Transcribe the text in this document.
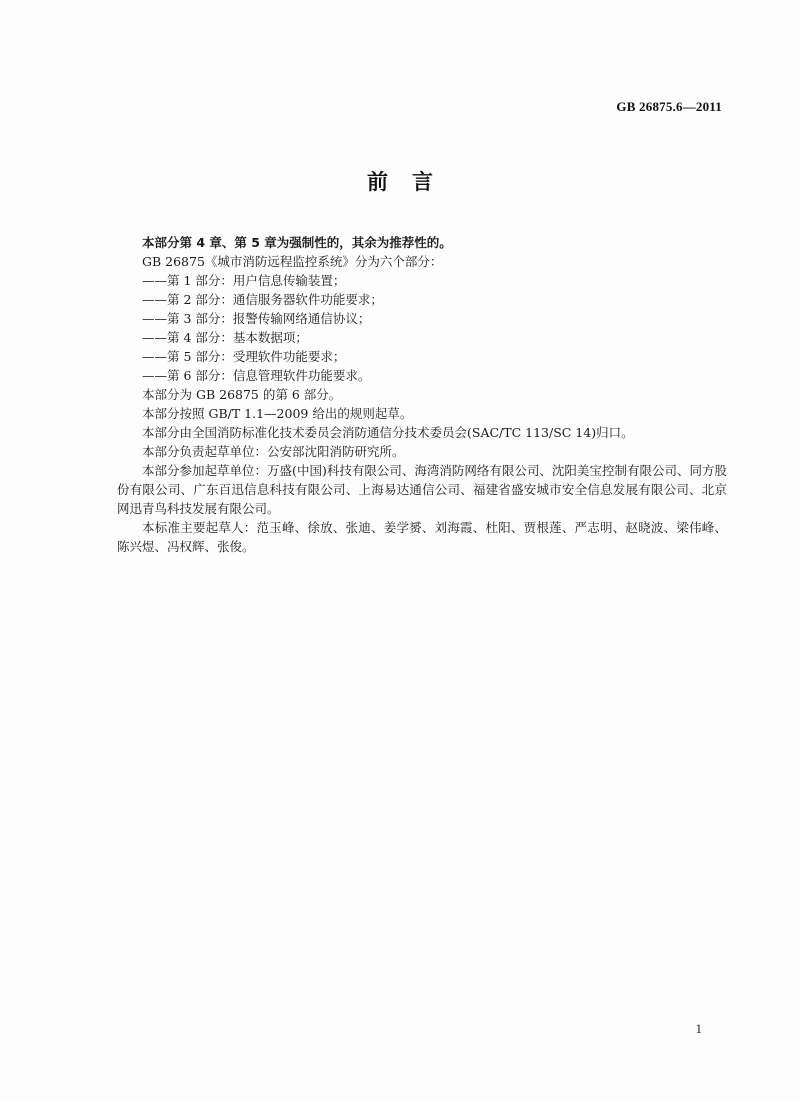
GB 26875.6—2011
前 言

本部分第 4 章、第 5 章为强制性的，其余为推荐性的。

GB 26875《城市消防远程监控系统》分为六个部分：

——第 1 部分：用户信息传输装置；

——第 2 部分：通信服务器软件功能要求；

——第 3 部分：报警传输网络通信协议；

——第 4 部分：基本数据项；

——第 5 部分：受理软件功能要求；

——第 6 部分：信息管理软件功能要求。

本部分为 GB 26875 的第 6 部分。

本部分按照 GB/T 1.1—2009 给出的规则起草。

本部分由全国消防标准化技术委员会消防通信分技术委员会(SAC/TC 113/SC 14)归口。

本部分负责起草单位：公安部沈阳消防研究所。

本部分参加起草单位：万盛(中国)科技有限公司、海湾消防网络有限公司、沈阳美宝控制有限公司、同方股份有限公司、广东百迅信息科技有限公司、上海易达通信公司、福建省盛安城市安全信息发展有限公司、北京网迅青鸟科技发展有限公司。

本标准主要起草人：范玉峰、徐放、张迪、姜学赟、刘海霞、杜阳、贾根莲、严志明、赵晓波、梁伟峰、陈兴煜、冯权辉、张俊。

1
